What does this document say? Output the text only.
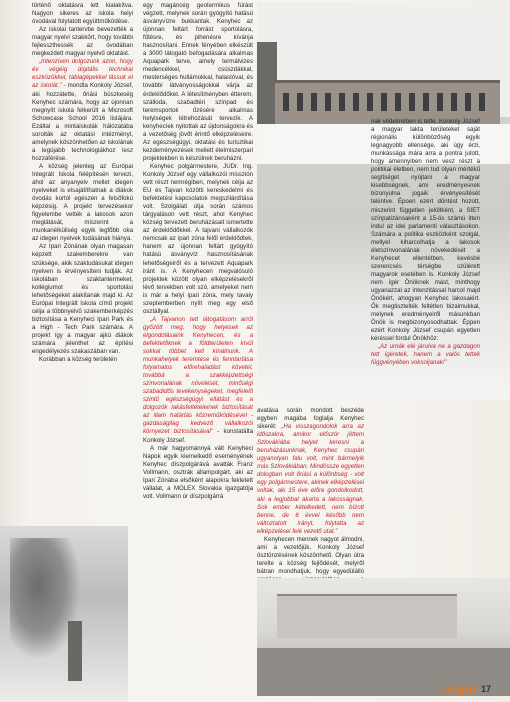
történő oktatásra lett kialakítva. Nagyon sikeres az iskola helyi óvodával folytatott együttműködése.

Az iskolai tantervbe bevezették a magyar nyelvi szakkört, hogy további fejlesszthessék az óvodában megkezdett magyar nyelvű oktatást.

„Intenzíven dolgozunk azon, hogy év végéig digitális technikai eszközökkel, táblagépekkel lássuk el az iskolát.” - mondta Konkoly József, aki hozzátette, őriási büszkeség Kenyhec számára, hogy az újonnan megnyílt iskola felkerült a Microsoft Schowcase School 2016 listájára. Ezáltal a mintaiskolák hálózatába sorolták az oktatási intézményt, amelynek köszönhetően az iskolának a legújabb technológiákhoz lesz hozzáférése.

A község jelenleg az Európai Integrált Iskola felépítésén tervezi, ahol az anyanyelv mellet idegen nyelveket is elsajátíthatnak a diákok óvodás kortól egészen a felsőfokú képzésig. A projekt tervezésekor figyelembe vették a lakosok azon meglátását, miszerint a munkanélküliség egyik legfőbb oka az idegen nyelvek tudásának hiánya.

Az Ipari Zónának olyan magasan képzett szakemberekre van szüksége, akik szaktudásukat idegen nyelven is érvényesíteni tudják. Az iskolában szaktantermeket, kollégiumot és sportolási lehetőségeket alakítanak majd ki. Az Európai Integrált Iskola című projekt célja a többnyelvű szakemberképzés biztosítása a Kenyheci Ipari Park és a High - Tech Park számára. A projekt így a magyar ajkú diákok számára jelenthet az építési engedélyezés szakaszában van.

Korábban a község területén

egy magáncég geotermikus fúrást végzett, melynek során gyógyító hatású ásványvízre bukkantak. Kenyhec az újonnan feltárt forrást sportolásra, fűtésre, és pihenésre kívánja hasznosítani. Ennek fényében elkészült a 3000 látogató befogadására alkalmas Aquapark terve, amely termálvizes medencékkel, csúszdákkal, mesterséges hullámokkal, halastóval, és további látványosságokkal várja az érdeklődőket. A létesítményben étterem, szálloda, szabadtéri színpad és teremsportok űzésére alkalmas helyiségek létrehozását tervezik. A kenyhecíek nyitottak az újdonságokra és a vezetőség jövőt érintő elképzeléseire. Az egészségügyi, oktatási és turisztikai kezdeményezések mellett élelmiszerpari projektekben is készülnek beruházni.

Kenyhec polgármestere, JUDr. Ing. Konkoly József egy vállalkozói misszión vett részt nemrégiben, melynek célja az EU és Tajvan közötti kereskedelmi és befektetési kapcsolatok megszilárdítása volt. Szolgálati útja során számos tárgyaláson vett részt, ahol Kenyhec község tervezett beruházásait ismertette az érdeklődőkkel. A tajvani vállalkozók nemcsak az ipari zóna felől érdeklődtek, hanem az újonnan feltárt gyógyító hatású ásványvíz hasznosításának lehetőségeiről és a tervezett Aquapark iránt is. A Kenyhecen megvalósuló projektek között olyan elképzelésekről lévő tervekben volt szó, amelyeket nem is már a helyi ipari zóna, mely tavaly szeptemberben nyílt meg egy első osztállyal.

„A Tajvanon tett látogatásom arról győzött meg, hogy helyesek az elgondolásaink Kenyhecen, és a befektetőknek a földterületen kívül sokkal többet kell kínálnunk. A munkahelyek teremtése és fenntartása folyamatos előrehaladást követel, továbbá a szakképzettségi színvonalának növelését, minőségi szabadidős tevékenységeket, megfelelő szintű egészségügyi ellátást és a dolgozók lakásfeltételeinek biztosítását az illam határtás közreműködésével - gazdaságilag kedvező vállalkozói környezet biztosításával” - konstatálta Konkoly József.

A már hagyománnyá vált Kenyheci Napok egyik kiemelkedő eseményének Kenyhec díszpolgárává avatták Franz Vollmann, osztrák állampolgárt, aki az Ipari Zónába elsőként alapokra fektetett vállalat, a MOLEX Slovakia igazgatója volt. Vollmann úr díszpolgárrá

avatása során mondott beszéde egyben magába foglalja Kenyhec sikerét: „Ha visszagondolok arra az időszakra, amikor először jöttem Szlovákiába helyet keresni a beruházásunknak, Kenyhec csupán ugyanolyan falu volt, mint bármelyik más Szlovákiában. Mindössze egyetlen dologban volt őriási a különbség - volt egy polgármestere, akinek elképzelései voltak, aki 15 éve előre gondolkodott, aki a legjobbat akarta a lakosságnak. Sok ember kételkedett, nem bízott benne, de 6 évvel később nem változtatott irányt, folytatta az elképzelései felé vezető utat.”

Kenyhecen mennek nagyot álmodni, ami a vezetőjük, Konkoly József ösztönzésének köszönhető. Olyan útra terelte a község fejlődését, melyről bátran mondhatjuk, hogy egyedülálló

nak védelmében is tette. Konkoly József a magyar lakta területeket saját régionális különbözőség egyik legnagyobb ellensége, aki úgy érzi, munkássága mára arra a pontra jutott, hogy amennyiben nem vesz részt a politikai életben, nem tud olyan mértékű segítséget nyújtani a magyar kisebbségnek, ami eredményesnek bizonyulna jogaik érvényesítését tekintve. Époen ezért döntést hozott, miszerint független jelöltként, a SIET színpatizánsaként a 15-ös számú itten indul az idei parlamenti választásokon. Számára a politika eszközként szolgál, mellyel kiharcolhatja a lakosok életszínvonalának növekedését a Kenyhecet ellentétben, kevésbé szerencsés térségbe szülérett magyarok esetében is. Konkoly József nem ígér Önöknek mást, minthogy ugyanazzal az intenzitással harcol majd Önökért, ahogyan Kenyhec lakosaiért. Ők megtisztelték feltétlen bizalmukkal, melynek eredményeiről másunkban Önök is megbizonyosodhattak. Éppen ezért Konkoly József csupán egyetlen kéréssel fordul Önökhöz:

„Az urnák elé járulva ne a gazdagon tett ígéretek, hanem a valós tettek függvényében voksoljanak!”

régió 17
